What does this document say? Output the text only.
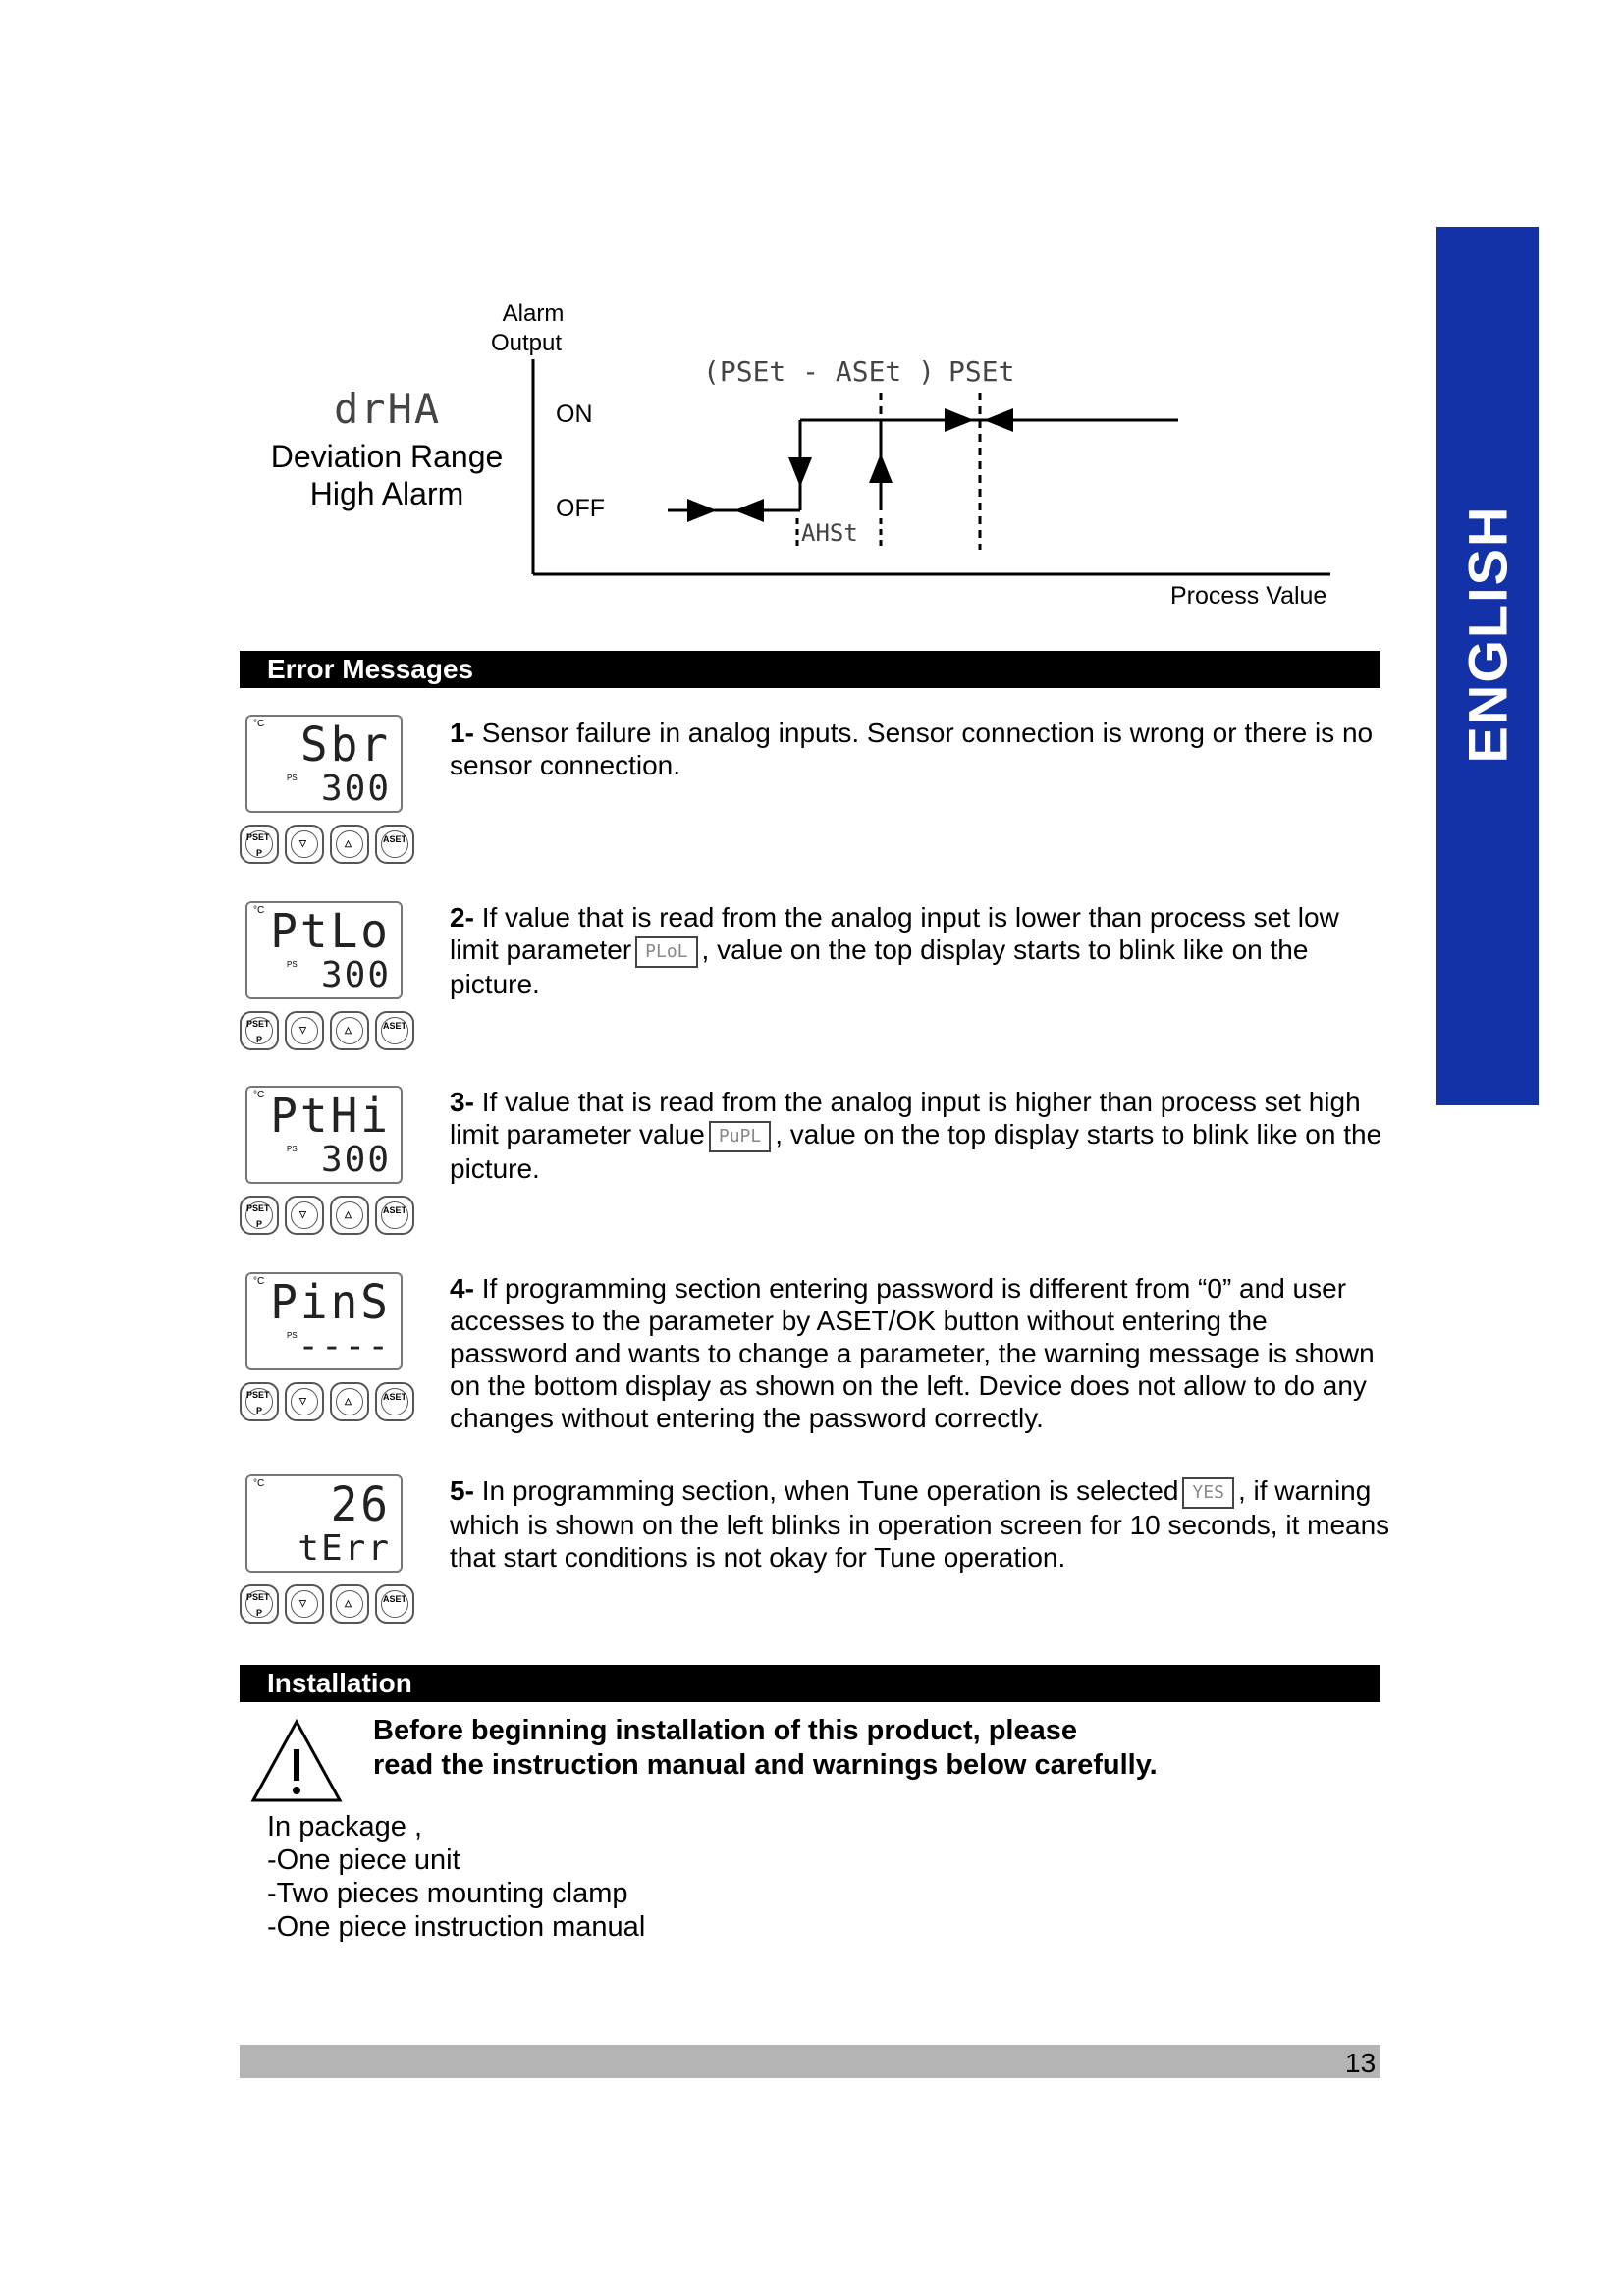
ENGLISH
Alarm
Output
drHA
Deviation Range
High Alarm
ON
OFF
(PSEt - ASEt ) PSEt
AHSt
Process Value
Error Messages
°C
PS
Sbr
300
PSET
P
▽	△	ASET
1- Sensor failure in analog inputs. Sensor connection is wrong or there is no sensor connection.
°C
PS
PtLo
300
PSET
P
▽	△	ASET
2- If value that is read from the analog input is lower than process set low limit parameter PLoL , value on the top display starts to blink like on the picture.
°C
PS
PtHi
300
PSET
P
▽	△	ASET
3- If value that is read from the analog input is higher than process set high limit parameter value PuPL , value on the top display starts to blink like on the picture.
°C
PS
PinS
----
PSET
P
▽	△	ASET
4- If programming section entering password is different from “0” and user accesses to the parameter by ASET/OK button without entering the password and wants to change a parameter, the warning message is shown on the bottom display as shown on the left. Device does not allow to do any changes without entering the password correctly.
°C 26
tErr
PSET
P
▽	△	ASET
5- In programming section, when Tune operation is selected YES , if warning which is shown on the left blinks in operation screen for 10 seconds, it means that start conditions is not okay for Tune operation.
Installation
Before beginning installation of this product, please
read the instruction manual and warnings below carefully.
In package ,
-One piece unit
-Two pieces mounting clamp
-One piece instruction manual
13
